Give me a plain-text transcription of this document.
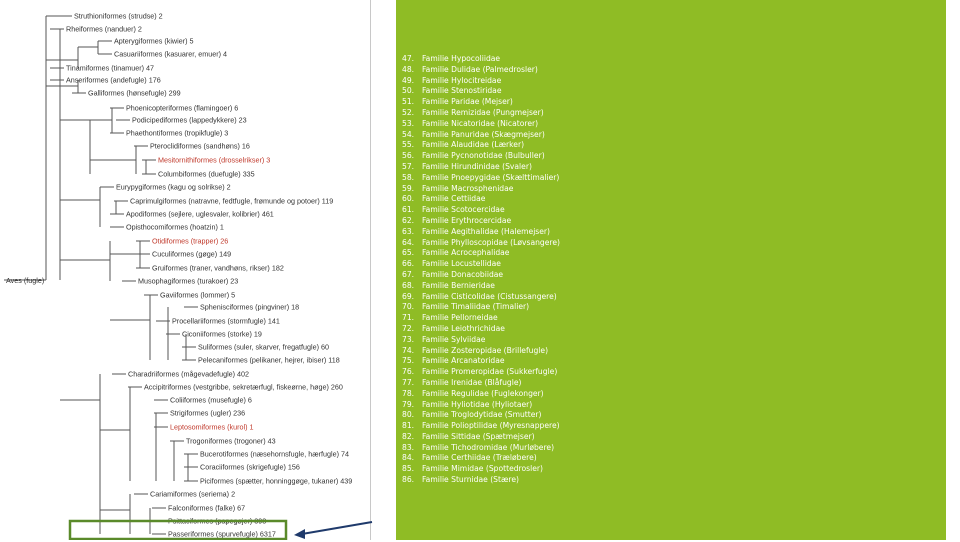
Struthioniformes (strudse) 2
Rheiformes (nanduer) 2
Apterygiformes (kiwier) 5
Casuariiformes (kasuarer, emuer) 4
Tinamiformes (tinamuer) 47
Anseriformes (andefugle) 176
Galliformes (hønsefugle) 299
Phoenicopteriformes (flamingoer) 6
Podicipediformes (lappedykkere) 23
Phaethontiformes (tropikfugle) 3
Pteroclidiformes (sandhøns) 16
Mesitornithiformes (drosselrikser) 3
Columbiformes (duefugle) 335
Eurypygiformes (kagu og solrikse) 2
Caprimulgiformes (natravne, fedtfugle, frømunde og potoer) 119
Apodiformes (sejlere, uglesvaler, kolibrier) 461
Opisthocomiformes (hoatzin) 1
Otidiformes (trapper) 26
Cuculiformes (gøge) 149
Gruiformes (traner, vandhøns, rikser) 182
Musophagiformes (turakoer) 23
Gaviiformes (lommer) 5
Sphenisciformes (pingviner) 18
Procellariiformes (stormfugle) 141
Ciconiiformes (storke) 19
Suliformes (suler, skarver, fregatfugle) 60
Pelecaniformes (pelikaner, hejrer, ibiser) 118
Charadriiformes (mågevadefugle) 402
Accipitriformes (vestgribbe, sekretærfugl, fiskeørne, høge) 260
Coliiformes (musefugle) 6
Strigiformes (ugler) 236
Leptosomiformes (kurol) 1
Trogoniformes (trogoner) 43
Bucerotiformes (næsehornsfugle, hærfugle) 74
Coraciiformes (skrigefugle) 156
Piciformes (spætter, honninggøge, tukaner) 439
Cariamiformes (seriema) 2
Falconiformes (falke) 67
Psittaciformes (papegøjer) 398
Passeriformes (spurvefugle) 6317
Aves (fugle)
47. Familie Hypocoliidae
48. Familie Dulidae (Palmedrosler)
49. Familie Hylocitreidae
50. Familie Stenostiridae
51. Familie Paridae (Mejser)
52. Familie Remizidae (Pungmejser)
53. Familie Nicatoridae (Nicatorer)
54. Familie Panuridae (Skægmejser)
55. Familie Alaudidae (Lærker)
56. Familie Pycnonotidae (Bulbuller)
57. Familie Hirundinidae (Svaler)
58. Familie Pnoepygidae (Skælttimalier)
59. Familie Macrosphenidae
60. Familie Cettiidae
61. Familie Scotocercidae
62. Familie Erythrocercidae
63. Familie Aegithalidae (Halemejser)
64. Familie Phylloscopidae (Løvsangere)
65. Familie Acrocephalidae
66. Familie Locustellidae
67. Familie Donacobiidae
68. Familie Bernieridae
69. Familie Cisticolidae (Cistussangere)
70. Familie Timaliidae (Timalier)
71. Familie Pellorneidae
72. Familie Leiothrichidae
73. Familie Sylviidae
74. Familie Zosteropidae (Brillefugle)
75. Familie Arcanatoridae
76. Familie Promeropidae (Sukkerfugle)
77. Familie Irenidae (Blåfugle)
78. Familie Regulidae (Fuglekonger)
79. Familie Hyliotidae (Hyliotaer)
80. Familie Troglodytidae (Smutter)
81. Familie Polioptilidae (Myresnappere)
82. Familie Sittidae (Spætmejser)
83. Familie Tichodromidae (Murløbere)
84. Familie Certhiidae (Træløbere)
85. Familie Mimidae (Spottedrosler)
86. Familie Sturnidae (Stære)
